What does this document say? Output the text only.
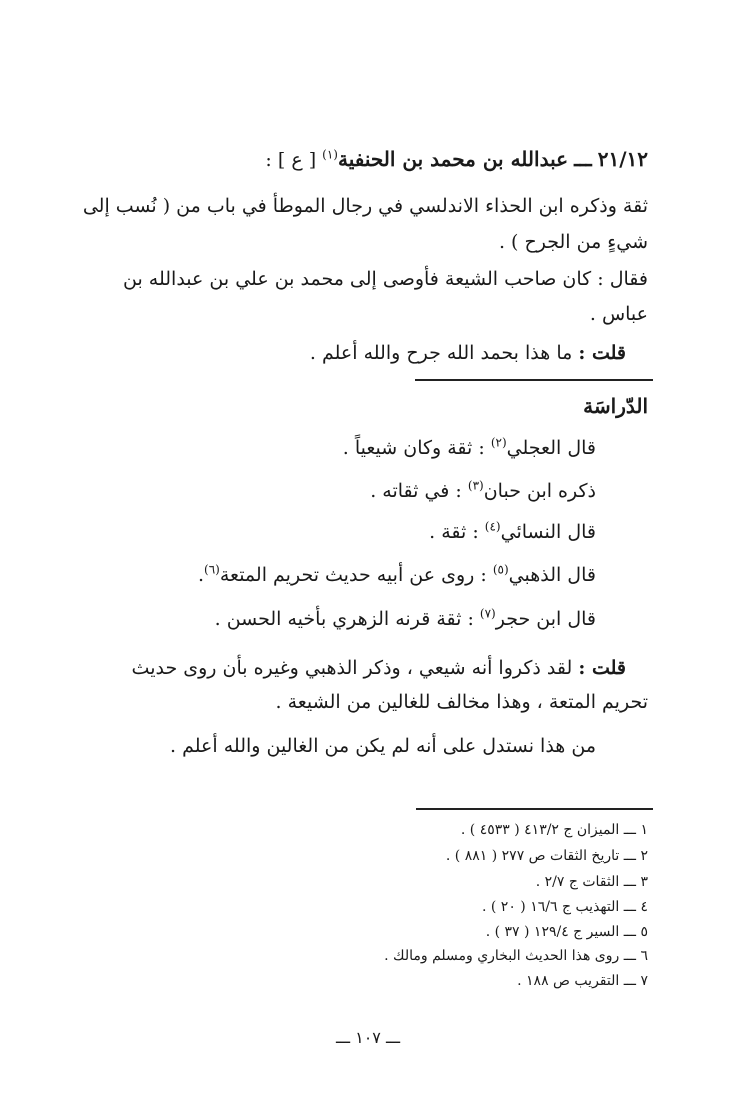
٢١/١٢ ـــ عبدالله بن محمد بن الحنفية$^{(١)}$ [ ع ] :
ثقة وذكره ابن الحذاء الاندلسي في رجال الموطأ في باب من ( نُسب إلى
شيءٍ من الجرح ) .
فقال : كان صاحب الشيعة فأوصى إلى محمد بن علي بن عبدالله بن
عباس .
قلت : ما هذا بحمد الله جرح والله أعلم .
الدّراسَة
قال العجلي$^{(٢)}$ : ثقة وكان شيعياً .
ذكره ابن حبان$^{(٣)}$ : في ثقاته .
قال النسائي$^{(٤)}$ : ثقة .
قال الذهبي$^{(٥)}$ : روى عن أبيه حديث تحريم المتعة$^{(٦)}$.
قال ابن حجر$^{(٧)}$ : ثقة قرنه الزهري بأخيه الحسن .
قلت : لقد ذكروا أنه شيعي ، وذكر الذهبي وغيره بأن روى حديث
تحريم المتعة ، وهذا مخالف للغالين من الشيعة .
من هذا نستدل على أنه لم يكن من الغالين والله أعلم .
١ ـــ الميزان ج ٤١٣/٢ ( ٤٥٣٣ ) .
٢ ـــ تاريخ الثقات ص ٢٧٧ ( ٨٨١ ) .
٣ ـــ الثقات ج ٢/٧ .
٤ ـــ التهذيب ج ١٦/٦ ( ٢٠ ) .
٥ ـــ السير ج ١٢٩/٤ ( ٣٧ ) .
٦ ـــ روى هذا الحديث البخاري ومسلم ومالك .
٧ ـــ التقريب ص ١٨٨ .
ـــ ١٠٧ ـــ
